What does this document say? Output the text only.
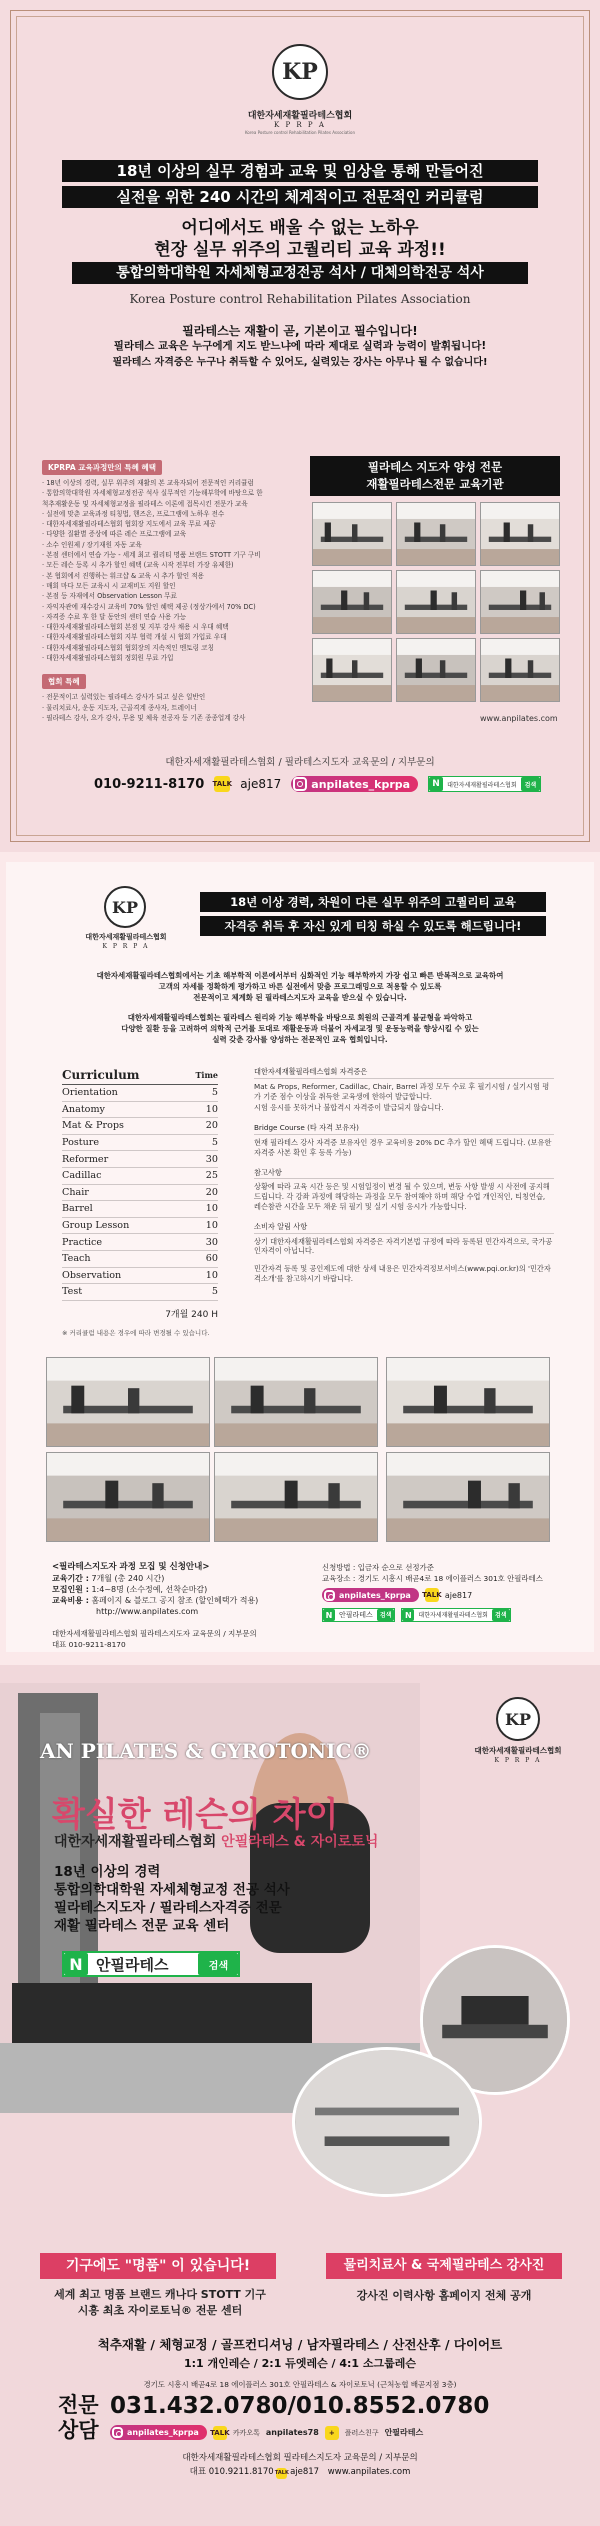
KP
대한자세재활필라테스협회
K P R P A
Korea Posture control Rehabilitation Pilates Association
18년 이상의 실무 경험과 교육 및 임상을 통해 만들어진
실전을 위한 240 시간의 체계적이고 전문적인 커리큘럼
어디에서도 배울 수 없는 노하우
현장 실무 위주의 고퀄리티 교육 과정!!
통합의학대학원 자세체형교정전공 석사 / 대체의학전공 석사
Korea Posture control Rehabilitation Pilates Association
필라테스는 재활이 곧, 기본이고 필수입니다!
필라테스 교육은 누구에게 지도 받느냐에 따라 제대로 실력과 능력이 발휘됩니다!
필라테스 자격증은 누구나 취득할 수 있어도, 실력있는 강사는 아무나 될 수 없습니다!
KPRPA 교육과정만의 특혜 혜택
· 18년 이상의 경력, 실무 위주의 재활의 본 교육자되어 전문적인 커리큘럼
· 통합의학대학원 자세체형교정전공 석사 실무적인 기능해부학에 바탕으로 한
척추재활운동 및 자세체형교정을 필라테스 이론에 접목시킨 전문가 교육
· 실전에 맞춘 교육과정 티칭법, 핸즈온, 프로그램에 노하우 전수
· 대한자세재활필라테스협회 협회장 지도에서 교육 무료 제공
· 다양한 질환별 증상에 따른 레슨 프로그램에 교육
· 소수 인원제 / 장기재원 자동 교육
· 본점 센터에서 연습 가능 - 세계 최고 퀄리티 명품 브랜드 STOTT 기구 구비
· 모든 레슨 등록 시 추가 할인 혜택 (교육 시작 전부터 가장 유제한)
· 본 협회에서 진행하는 워크샵 & 교육 시 추가 할인 적용
· 매회 마다 모든 교육시 시 교재비도 지원 할인
· 본점 등 자재에서 Observation Lesson 무료
· 자익자관에 재수강시 교육비 70% 할인 혜택 제공 (정상가에서 70% DC)
· 자격증 수료 후 한 달 동안의 센터 연습 사용 가능
· 대한자세재활필라테스협회 본점 및 지부 강사 채용 시 우대 혜택
· 대한자세재활필라테스협회 지부 협력 개설 시 협회 가입료 우대
· 대한자세재활필라테스협회 협회장의 지속적인 멘토링 코칭
· 대한자세재활필라테스협회 정회원 무료 가입
협회 특혜
· 전문적이고 실력있는 필라테스 강사가 되고 싶은 일반인
· 물리치료사, 운동 지도자, 근골격계 종사자, 트레이너
· 필라테스 강사, 요가 강사, 무용 및 체육 전공자 등 기존 종종업계 강사
필라테스 지도자 양성 전문
재활필라테스전문 교육기관
www.anpilates.com
대한자세재활필라테스협회 / 필라테스지도자 교육문의 / 지부문의
010-9211-8170 TALK aje817	anpilates_kprpa	N	대한자세재활필라테스협회	검색
KP
대한자세재활필라테스협회
K P R P A
18년 이상 경력, 차원이 다른 실무 위주의 고퀄리티 교육
자격증 취득 후 자신 있게 티칭 하실 수 있도록 해드립니다!
대한자세재활필라테스협회에서는 기초 해부학적 이론에서부터 심화적인 기능 해부학까지 가장 쉽고 빠른 반복적으로 교육하여
고객의 자세를 정확하게 평가하고 바른 실전에서 맞춤 프로그래밍으로 적용할 수 있도록
전문적이고 체계화 된 필라테스지도자 교육을 받으실 수 있습니다.
대한자세재활필라테스협회는 필라테스 원리와 기능 해부학을 바탕으로 회원의 근골격계 불균형을 파악하고
다양한 질환 등을 고려하여 의학적 근거를 토대로 재활운동과 더불어 자세교정 및 운동능력을 향상시킬 수 있는
실력 갖춘 강사를 양성하는 전문적인 교육 협회입니다.
Curriculum	Time
Orientation	5
Anatomy	10
Mat & Props	20
Posture	5
Reformer	30
Cadillac	25
Chair	20
Barrel	10
Group Lesson	10
Practice	30
Teach	60
Observation	10
Test	5
7개월 240 H
※ 커리큘럼 내용은 경우에 따라 변경될 수 있습니다.
대한자세재활필라테스협회 자격증은

Mat & Props, Reformer, Cadillac, Chair, Barrel 과정 모두 수료 후 필기시험 / 실기시험 평가 기준 점수 이상을 취득한 교육생에 한하여 발급합니다.

시험 응시를 못하거나 불합격시 자격증이 발급되지 않습니다.

Bridge Course (타 자격 보유자)

현재 필라테스 강사 자격증 보유자인 경우 교육비용 20% DC 추가 할인 혜택 드립니다. (보유한 자격증 사본 확인 후 등록 가능)

참고사항

상황에 따라 교육 시간 등은 및 시험일정이 변경 될 수 있으며, 변동 사항 발생 시 사전에 공지해드립니다. 각 강좌 과정에 해당하는 과정을 모두 참여해야 하며 해당 수업 개인적인, 티칭연습, 레슨참관 시간을 모두 채운 뒤 필기 및 실기 시험 응시가 가능합니다.

소비자 알림 사항

상기 대한자세재활필라테스협회 자격증은 자격기본법 규정에 따라 등록된 민간자격으로, 국가공인자격이 아닙니다.

민간자격 등록 및 공인제도에 대한 상세 내용은 민간자격정보서비스(www.pqi.or.kr)의 '민간자격소개'를 참고하시기 바랍니다.

<필라테스지도자 과정 모집 및 신청안내>
교육기간 : 7개월 (총 240 시간)
모집인원 : 1:4~8명 (소수정예, 선착순마감)
교육비용 : 홈페이지 & 블로그 공지 참조 (할인혜택가 적용)
http://www.anpilates.com
신청방법 : 입금자 순으로 선정가준
교육장소 : 경기도 시흥시 배곧4로 18 에이플러스 301호 안필라테스
anpilates_kprpa TALK aje817
N 안필라테스	검색	N	대한자세재활필라테스협회	검색
대한자세재활필라테스협회 필라테스지도자 교육문의 / 지부문의
대표 010-9211-8170
KP
대한자세재활필라테스협회
K P R P A
AN PILATES & GYROTONIC®
확실한 레슨의 차이
대한자세재활필라테스협회 안필라테스 & 자이로토닉
18년 이상의 경력
통합의학대학원 자세체형교정 전공 석사
필라테스지도자 / 필라테스자격증 전문
재활 필라테스 전문 교육 센터
N 안필라테스	검색
기구에도 "명품" 이 있습니다!	물리치료사 & 국제필라테스 강사진
세계 최고 명품 브랜드 캐나다 STOTT 기구
시흥 최초 자이로토닉® 전문 센터
강사진 이력사항 홈페이지 전체 공개
척추재활 / 체형교정 / 골프컨디셔닝 / 남자필라테스 / 산전산후 / 다이어트
1:1 개인레슨 / 2:1 듀엣레슨 / 4:1 소그룹레슨
경기도 시흥시 배곧4로 18 에이플러스 301호 안필라테스 & 자이로토닉 (근처농협 배곧지점 3층)
전문
상담
031.432.0780/010.8552.0780
anpilates_kprpa TALK 카카오톡 anpilates78	+	플러스친구 안필라테스
대한자세재활필라테스협회 필라테스지도자 교육문의 / 지부문의
대표 010.9211.8170 TALK aje817 www.anpilates.com
